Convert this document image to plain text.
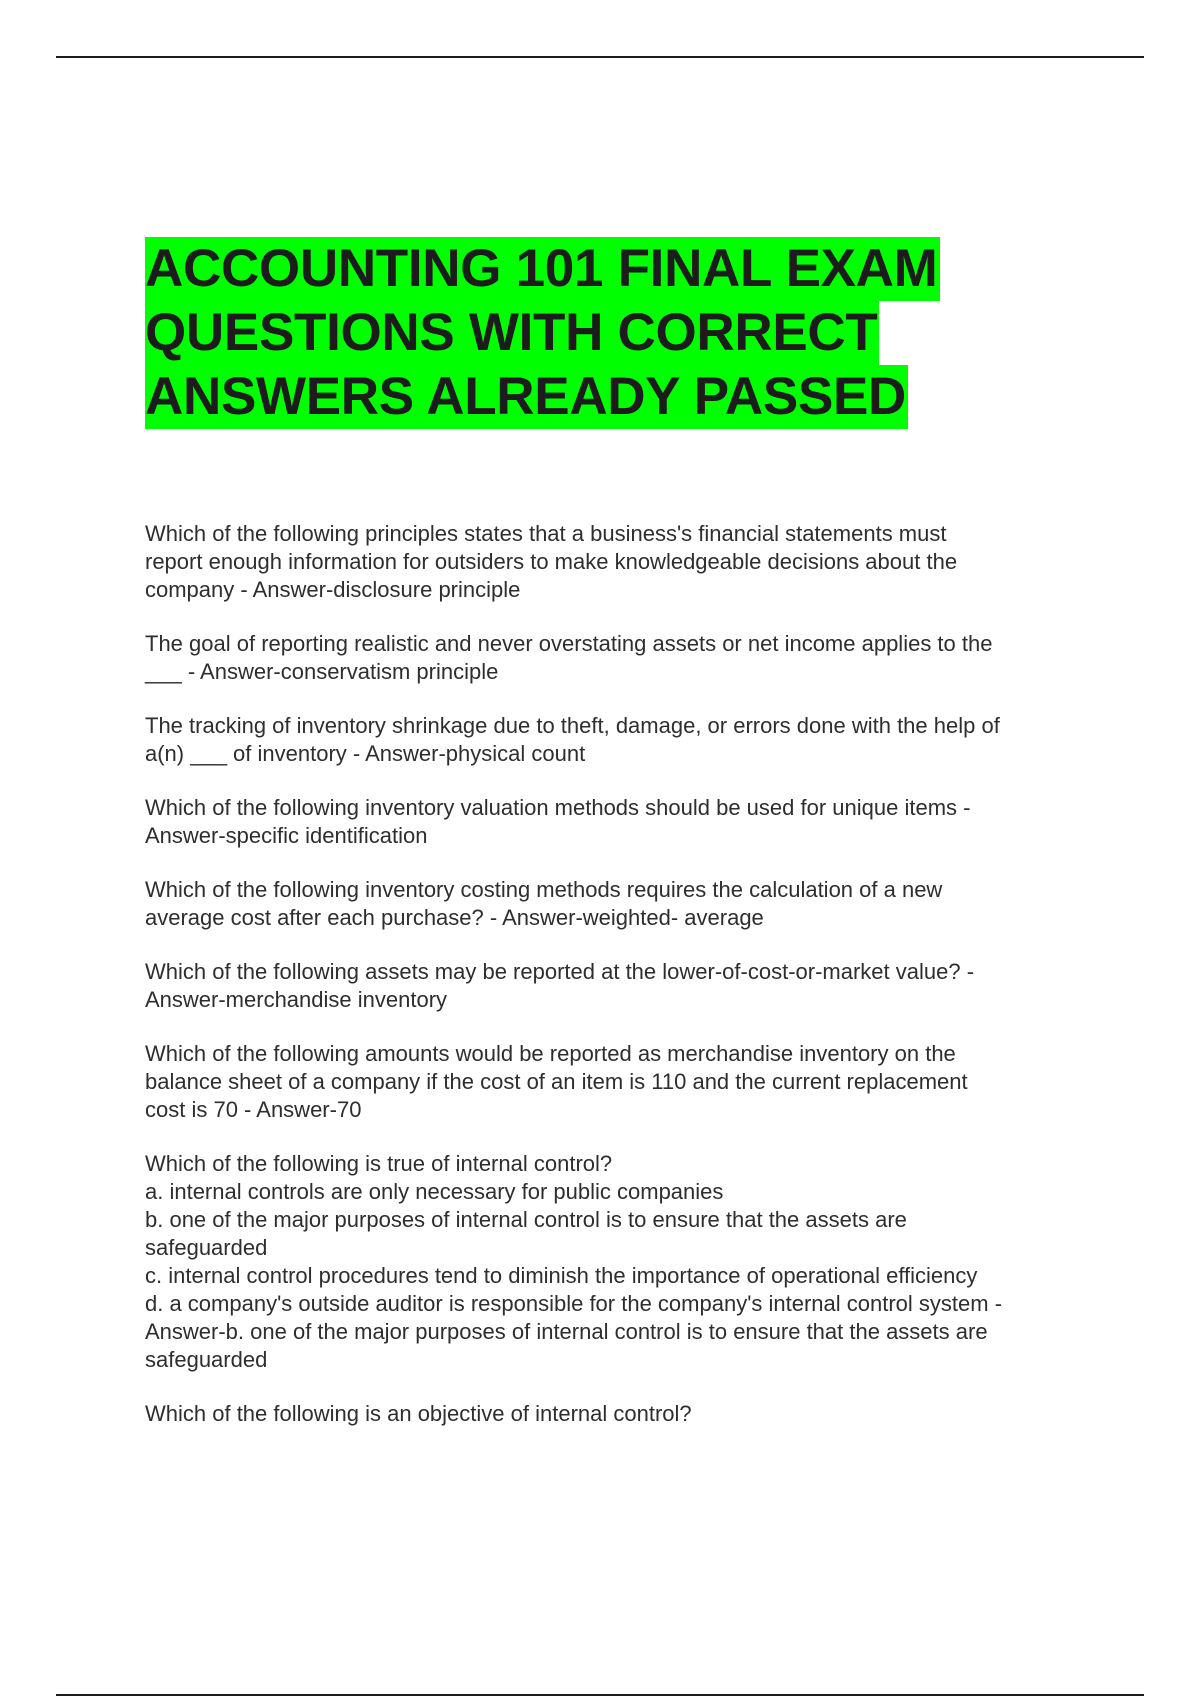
ACCOUNTING 101 FINAL EXAM
QUESTIONS WITH CORRECT
ANSWERS ALREADY PASSED
Which of the following principles states that a business's financial statements must
report enough information for outsiders to make knowledgeable decisions about the
company - Answer-disclosure principle
The goal of reporting realistic and never overstating assets or net income applies to the
___ - Answer-conservatism principle
The tracking of inventory shrinkage due to theft, damage, or errors done with the help of
a(n) ___ of inventory - Answer-physical count
Which of the following inventory valuation methods should be used for unique items -
Answer-specific identification
Which of the following inventory costing methods requires the calculation of a new
average cost after each purchase? - Answer-weighted- average
Which of the following assets may be reported at the lower-of-cost-or-market value? -
Answer-merchandise inventory
Which of the following amounts would be reported as merchandise inventory on the
balance sheet of a company if the cost of an item is 110 and the current replacement
cost is 70 - Answer-70
Which of the following is true of internal control?
a. internal controls are only necessary for public companies
b. one of the major purposes of internal control is to ensure that the assets are
safeguarded
c. internal control procedures tend to diminish the importance of operational efficiency
d. a company's outside auditor is responsible for the company's internal control system -
Answer-b. one of the major purposes of internal control is to ensure that the assets are
safeguarded
Which of the following is an objective of internal control?
